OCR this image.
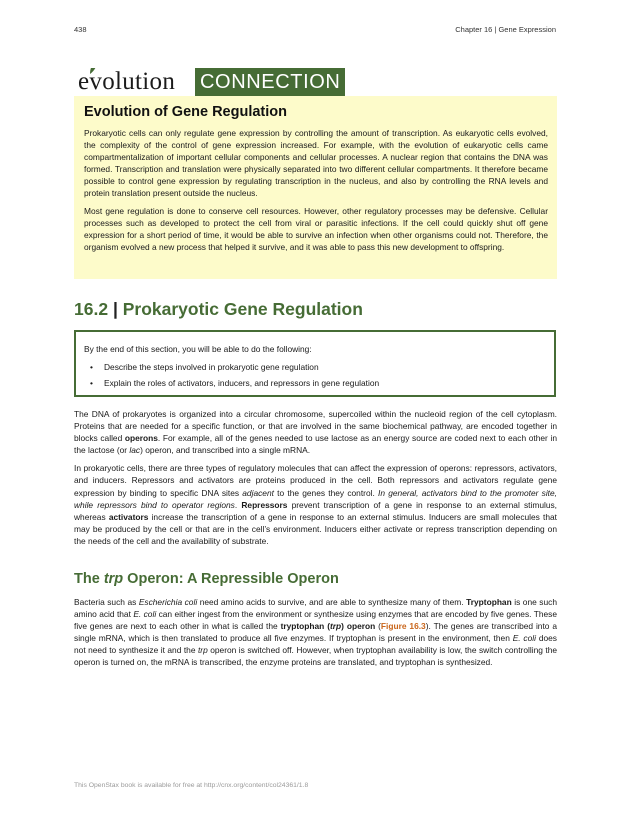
438	Chapter 16 | Gene Expression
evolution	CONNECTION
Evolution of Gene Regulation

Prokaryotic cells can only regulate gene expression by controlling the amount of transcription. As eukaryotic cells evolved, the complexity of the control of gene expression increased. For example, with the evolution of eukaryotic cells came compartmentalization of important cellular components and cellular processes. A nuclear region that contains the DNA was formed. Transcription and translation were physically separated into two different cellular compartments. It therefore became possible to control gene expression by regulating transcription in the nucleus, and also by controlling the RNA levels and protein translation present outside the nucleus.

Most gene regulation is done to conserve cell resources. However, other regulatory processes may be defensive. Cellular processes such as developed to protect the cell from viral or parasitic infections. If the cell could quickly shut off gene expression for a short period of time, it would be able to survive an infection when other organisms could not. Therefore, the organism evolved a new process that helped it survive, and it was able to pass this new development to offspring.

16.2 | Prokaryotic Gene Regulation

By the end of this section, you will be able to do the following:

• Describe the steps involved in prokaryotic gene regulation
• Explain the roles of activators, inducers, and repressors in gene regulation

The DNA of prokaryotes is organized into a circular chromosome, supercoiled within the nucleoid region of the cell cytoplasm. Proteins that are needed for a specific function, or that are involved in the same biochemical pathway, are encoded together in blocks called operons. For example, all of the genes needed to use lactose as an energy source are coded next to each other in the lactose (or lac) operon, and transcribed into a single mRNA.

In prokaryotic cells, there are three types of regulatory molecules that can affect the expression of operons: repressors, activators, and inducers. Repressors and activators are proteins produced in the cell. Both repressors and activators regulate gene expression by binding to specific DNA sites adjacent to the genes they control. In general, activators bind to the promoter site, while repressors bind to operator regions. Repressors prevent transcription of a gene in response to an external stimulus, whereas activators increase the transcription of a gene in response to an external stimulus. Inducers are small molecules that may be produced by the cell or that are in the cell’s environment. Inducers either activate or repress transcription depending on the needs of the cell and the availability of substrate.

The trp Operon: A Repressible Operon

Bacteria such as Escherichia coli need amino acids to survive, and are able to synthesize many of them. Tryptophan is one such amino acid that E. coli can either ingest from the environment or synthesize using enzymes that are encoded by five genes. These five genes are next to each other in what is called the tryptophan (trp) operon (Figure 16.3). The genes are transcribed into a single mRNA, which is then translated to produce all five enzymes. If tryptophan is present in the environment, then E. coli does not need to synthesize it and the trp operon is switched off. However, when tryptophan availability is low, the switch controlling the operon is turned on, the mRNA is transcribed, the enzyme proteins are translated, and tryptophan is synthesized.

This OpenStax book is available for free at http://cnx.org/content/col24361/1.8
